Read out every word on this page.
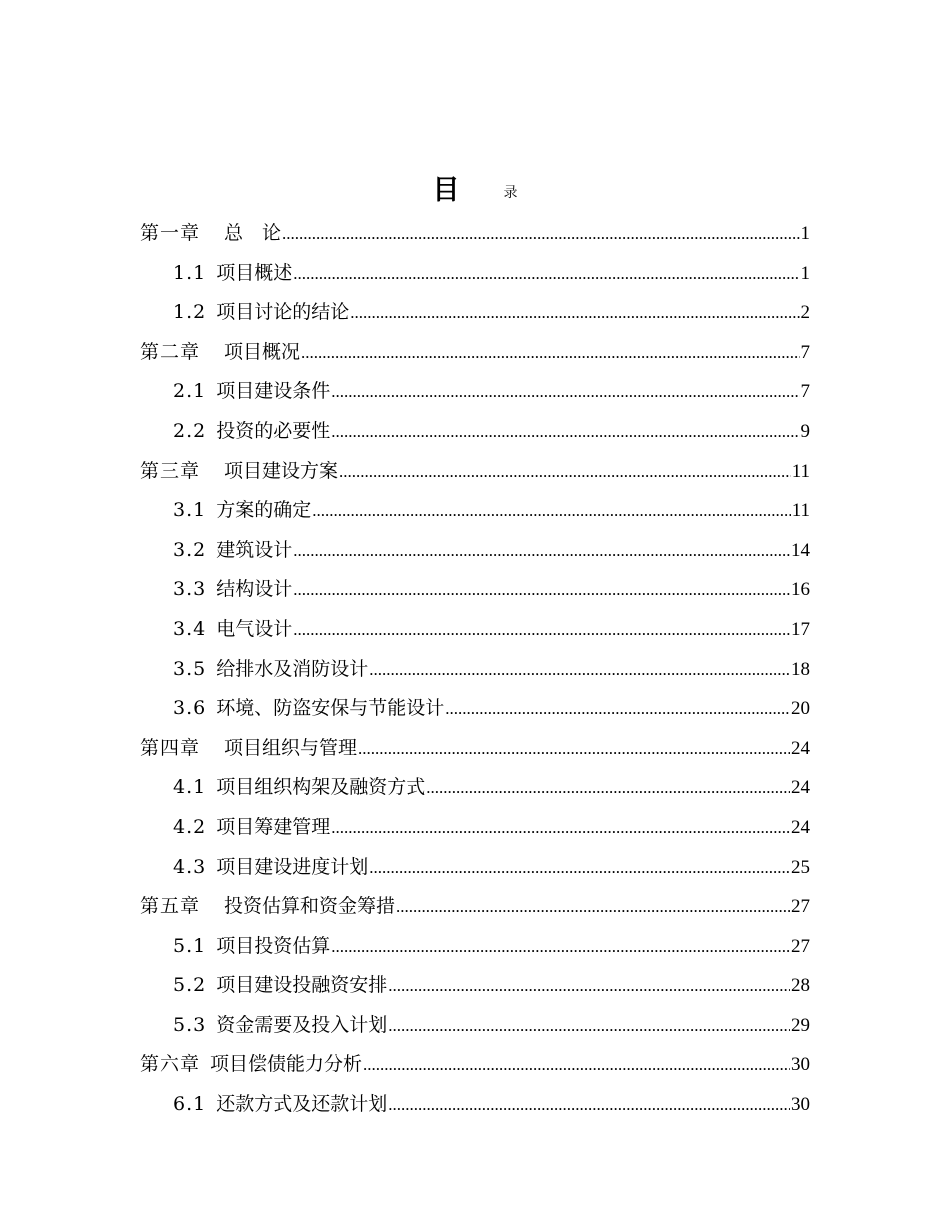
目	录
第一章 总　论 .....	1
1.1 项目概述 .....	1
1.2 项目讨论的结论 .....	2
第二章 项目概况 .....	7
2.1 项目建设条件 .....	7
2.2 投资的必要性 .....	9
第三章 项目建设方案 .....	11
3.1 方案的确定 .....	11
3.2 建筑设计 .....	14
3.3 结构设计 .....	16
3.4 电气设计 .....	17
3.5 给排水及消防设计 .....	18
3.6 环境、防盗安保与节能设计 .....	20
第四章 项目组织与管理 .....	24
4.1 项目组织构架及融资方式 .....	24
4.2 项目筹建管理 .....	24
4.3 项目建设进度计划 .....	25
第五章 投资估算和资金筹措 .....	27
5.1 项目投资估算 .....	27
5.2 项目建设投融资安排 .....	28
5.3 资金需要及投入计划 .....	29
第六章 项目偿债能力分析 .....	30
6.1 还款方式及还款计划 .....	30
